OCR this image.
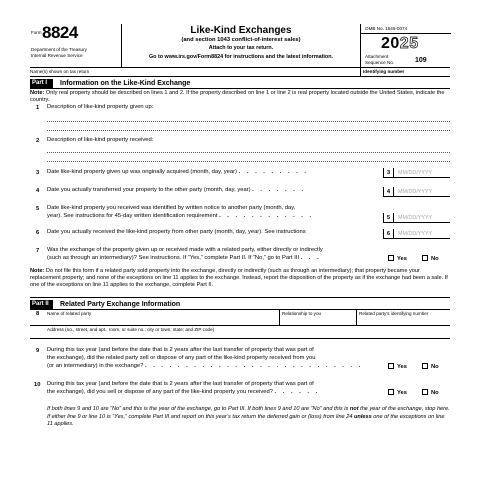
Form 8824
Department of the Treasury
Internal Revenue Service
Like-Kind Exchanges
(and section 1043 conflict-of-interest sales)
Attach to your tax return.
Go to www.irs.gov/Form8824 for instructions and the latest information.
OMB No. 1545-0074
2025
Attachment
Sequence No.	109
Name(s) shown on tax return	Identifying number
Part I	Information on the Like-Kind Exchange
Note: Only real property should be described on lines 1 and 2. If the property described on line 1 or line 2 is real property located outside the United States, indicate the country.
1 Description of like-kind property given up:
2 Description of like-kind property received:
3 Date like-kind property given up was originally acquired (month, day, year) . . . . . . . . .	3	MM/DD/YYYY
4 Date you actually transferred your property to the other party (month, day, year) . . . . . . .	4	MM/DD/YYYY
5 Date like-kind property you received was identified by written notice to another party (month, day,
year). See instructions for 45-day written identification requirement . . . . . . . . . . . .	5	MM/DD/YYYY
6 Date you actually received the like-kind property from other party (month, day, year). See instructions	6	MM/DD/YYYY
7 Was the exchange of the property given up or received made with a related party, either directly or indirectly
(such as through an intermediary)? See instructions. If “Yes,” complete Part II. If “No,” go to Part III . . .	Yes	No
Note: Do not file this form if a related party sold property into the exchange, directly or indirectly (such as through an intermediary); that property became your replacement property; and none of the exceptions on line 11 applies to the exchange. Instead, report the disposition of the property as if the exchange had been a sale. If one of the exceptions on line 11 applies to the exchange, complete Part II.
Part II	Related Party Exchange Information
8	Name of related party	Relationship to you	Related party’s identifying number
Address (no., street, and apt., room, or suite no.; city or town; state; and ZIP code)
9 During this tax year (and before the date that is 2 years after the last transfer of property that was part of
the exchange), did the related party sell or dispose of any part of the like-kind property received from you
(or an intermediary) in the exchange? . . . . . . . . . . . . . . . . . . . . . . . . . . .	Yes	No
10 During this tax year (and before the date that is 2 years after the last transfer of property that was part of
the exchange), did you sell or dispose of any part of the like-kind property you received? . . . . . .	Yes	No
If both lines 9 and 10 are “No” and this is the year of the exchange, go to Part III. If both lines 9 and 10 are “No” and this is not the year of the exchange, stop here. If either line 9 or line 10 is “Yes,” complete Part III and report on this year’s tax return the deferred gain or (loss) from line 24 unless one of the exceptions on line 11 applies.
